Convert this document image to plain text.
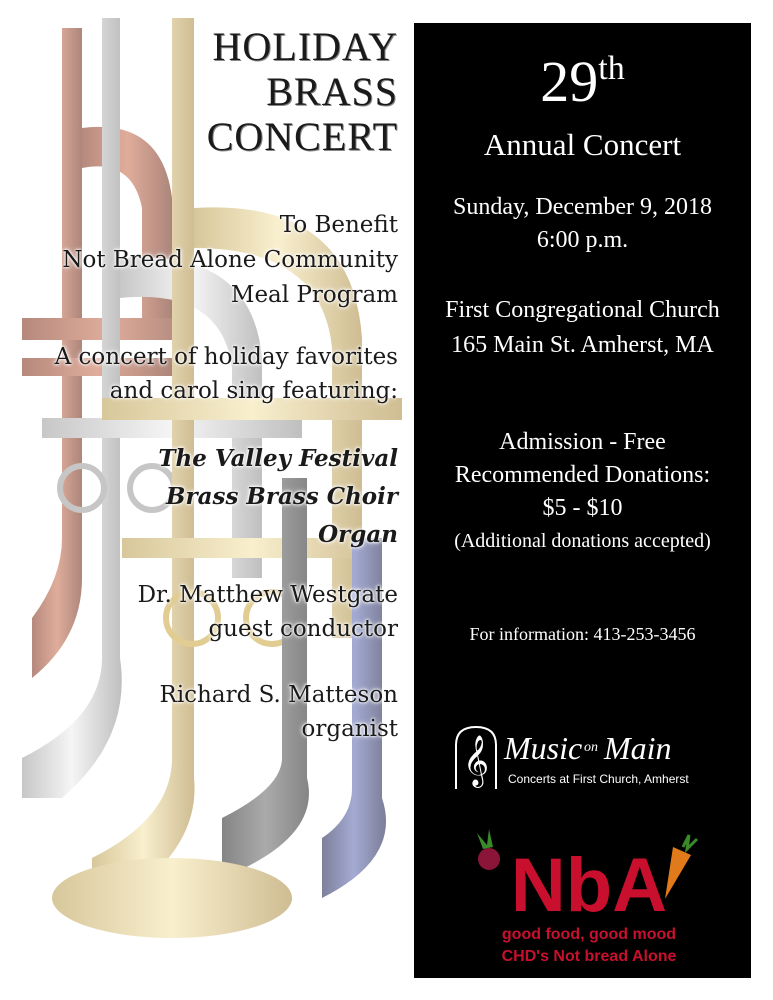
HOLIDAY
BRASS
CONCERT
To Benefit
Not Bread Alone Community
Meal Program
A concert of holiday favorites
and carol sing featuring:
The Valley Festival
Brass Brass Choir
Organ
Dr. Matthew Westgate
guest conductor
Richard S. Matteson
organist
29th
Annual Concert
Sunday, December 9, 2018
6:00 p.m.
First Congregational Church
165 Main St. Amherst, MA
Admission - Free
Recommended Donations:
$5 - $10
(Additional donations accepted)
For information: 413-253-3456
𝄞 Music on Main
Concerts at First Church, Amherst
NbA
good food, good mood
CHD's Not bread Alone
